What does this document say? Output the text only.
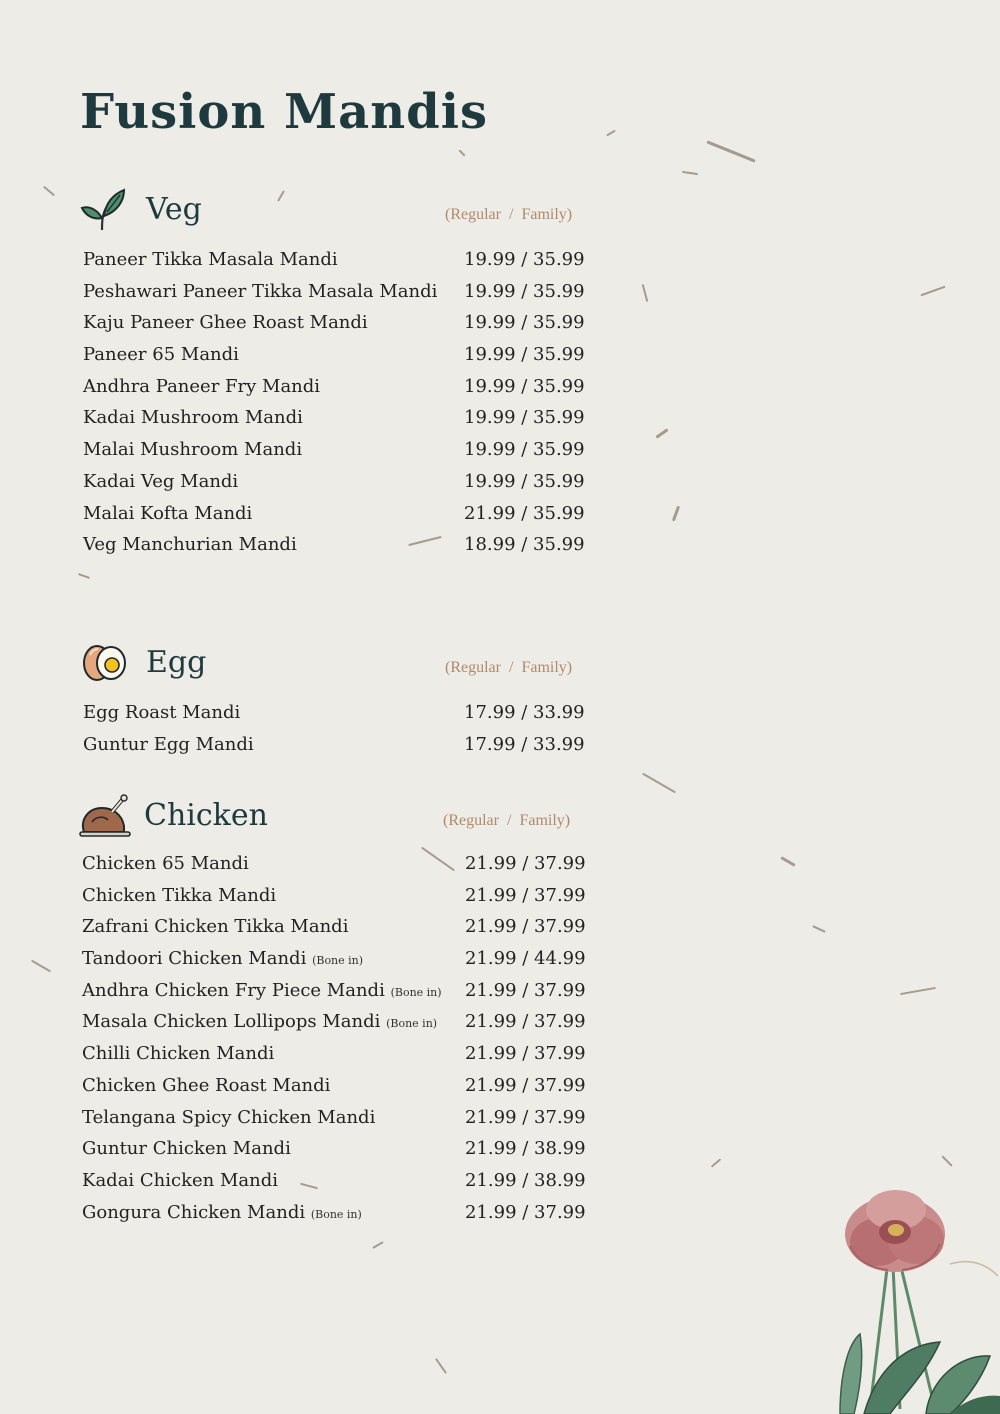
Fusion Mandis
Veg	(Regular / Family)
Paneer Tikka Masala Mandi	19.99 / 35.99
Peshawari Paneer Tikka Masala Mandi 19.99 / 35.99
Kaju Paneer Ghee Roast Mandi	19.99 / 35.99
Paneer 65 Mandi	19.99 / 35.99
Andhra Paneer Fry Mandi	19.99 / 35.99
Kadai Mushroom Mandi	19.99 / 35.99
Malai Mushroom Mandi	19.99 / 35.99
Kadai Veg Mandi	19.99 / 35.99
Malai Kofta Mandi	21.99 / 35.99
Veg Manchurian Mandi	18.99 / 35.99
Egg	(Regular / Family)
Egg Roast Mandi	17.99 / 33.99
Guntur Egg Mandi	17.99 / 33.99
Chicken	(Regular / Family)
Chicken 65 Mandi	21.99 / 37.99
Chicken Tikka Mandi	21.99 / 37.99
Zafrani Chicken Tikka Mandi	21.99 / 37.99
Tandoori Chicken Mandi (Bone in)	21.99 / 44.99
Andhra Chicken Fry Piece Mandi (Bone in) 21.99 / 37.99
Masala Chicken Lollipops Mandi (Bone in) 21.99 / 37.99
Chilli Chicken Mandi	21.99 / 37.99
Chicken Ghee Roast Mandi	21.99 / 37.99
Telangana Spicy Chicken Mandi	21.99 / 37.99
Guntur Chicken Mandi	21.99 / 38.99
Kadai Chicken Mandi	21.99 / 38.99
Gongura Chicken Mandi (Bone in)	21.99 / 37.99
